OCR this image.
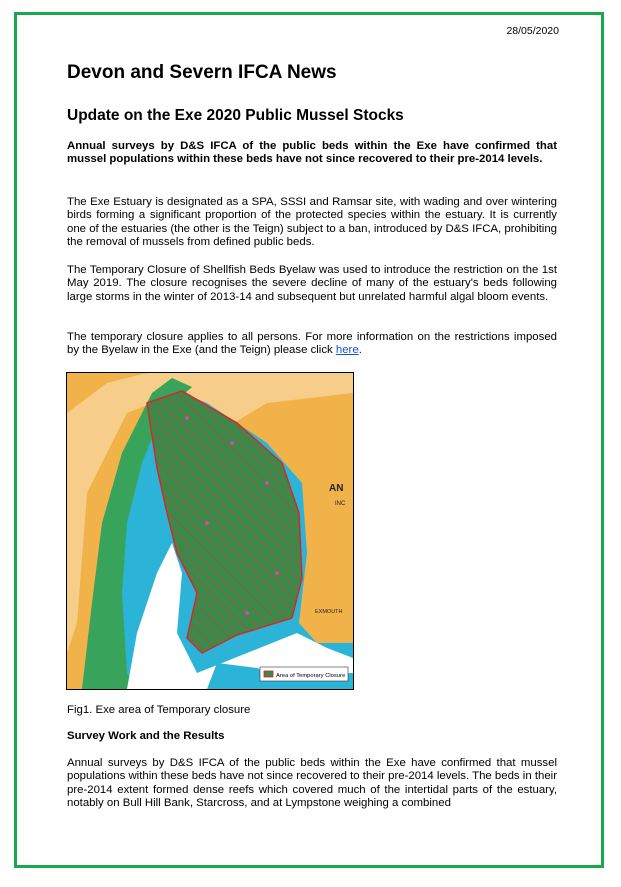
28/05/2020
Devon and Severn IFCA News
Update on the Exe 2020 Public Mussel Stocks

Annual surveys by D&S IFCA of the public beds within the Exe have confirmed that mussel populations within these beds have not since recovered to their pre-2014 levels.

The Exe Estuary is designated as a SPA, SSSI and Ramsar site, with wading and over wintering birds forming a significant proportion of the protected species within the estuary. It is currently one of the estuaries (the other is the Teign) subject to a ban, introduced by D&S IFCA, prohibiting the removal of mussels from defined public beds.

The Temporary Closure of Shellfish Beds Byelaw was used to introduce the restriction on the 1st May 2019. The closure recognises the severe decline of many of the estuary's beds following large storms in the winter of 2013-14 and subsequent but unrelated harmful algal bloom events.

The temporary closure applies to all persons. For more information on the restrictions imposed by the Byelaw in the Exe (and the Teign) please click here.

AN
INC
EXMOUTH
Area of Temporary Closure
Fig1. Exe area of Temporary closure
Survey Work and the Results

Annual surveys by D&S IFCA of the public beds within the Exe have confirmed that mussel populations within these beds have not since recovered to their pre-2014 levels. The beds in their pre-2014 extent formed dense reefs which covered much of the intertidal parts of the estuary, notably on Bull Hill Bank, Starcross, and at Lympstone weighing a combined
